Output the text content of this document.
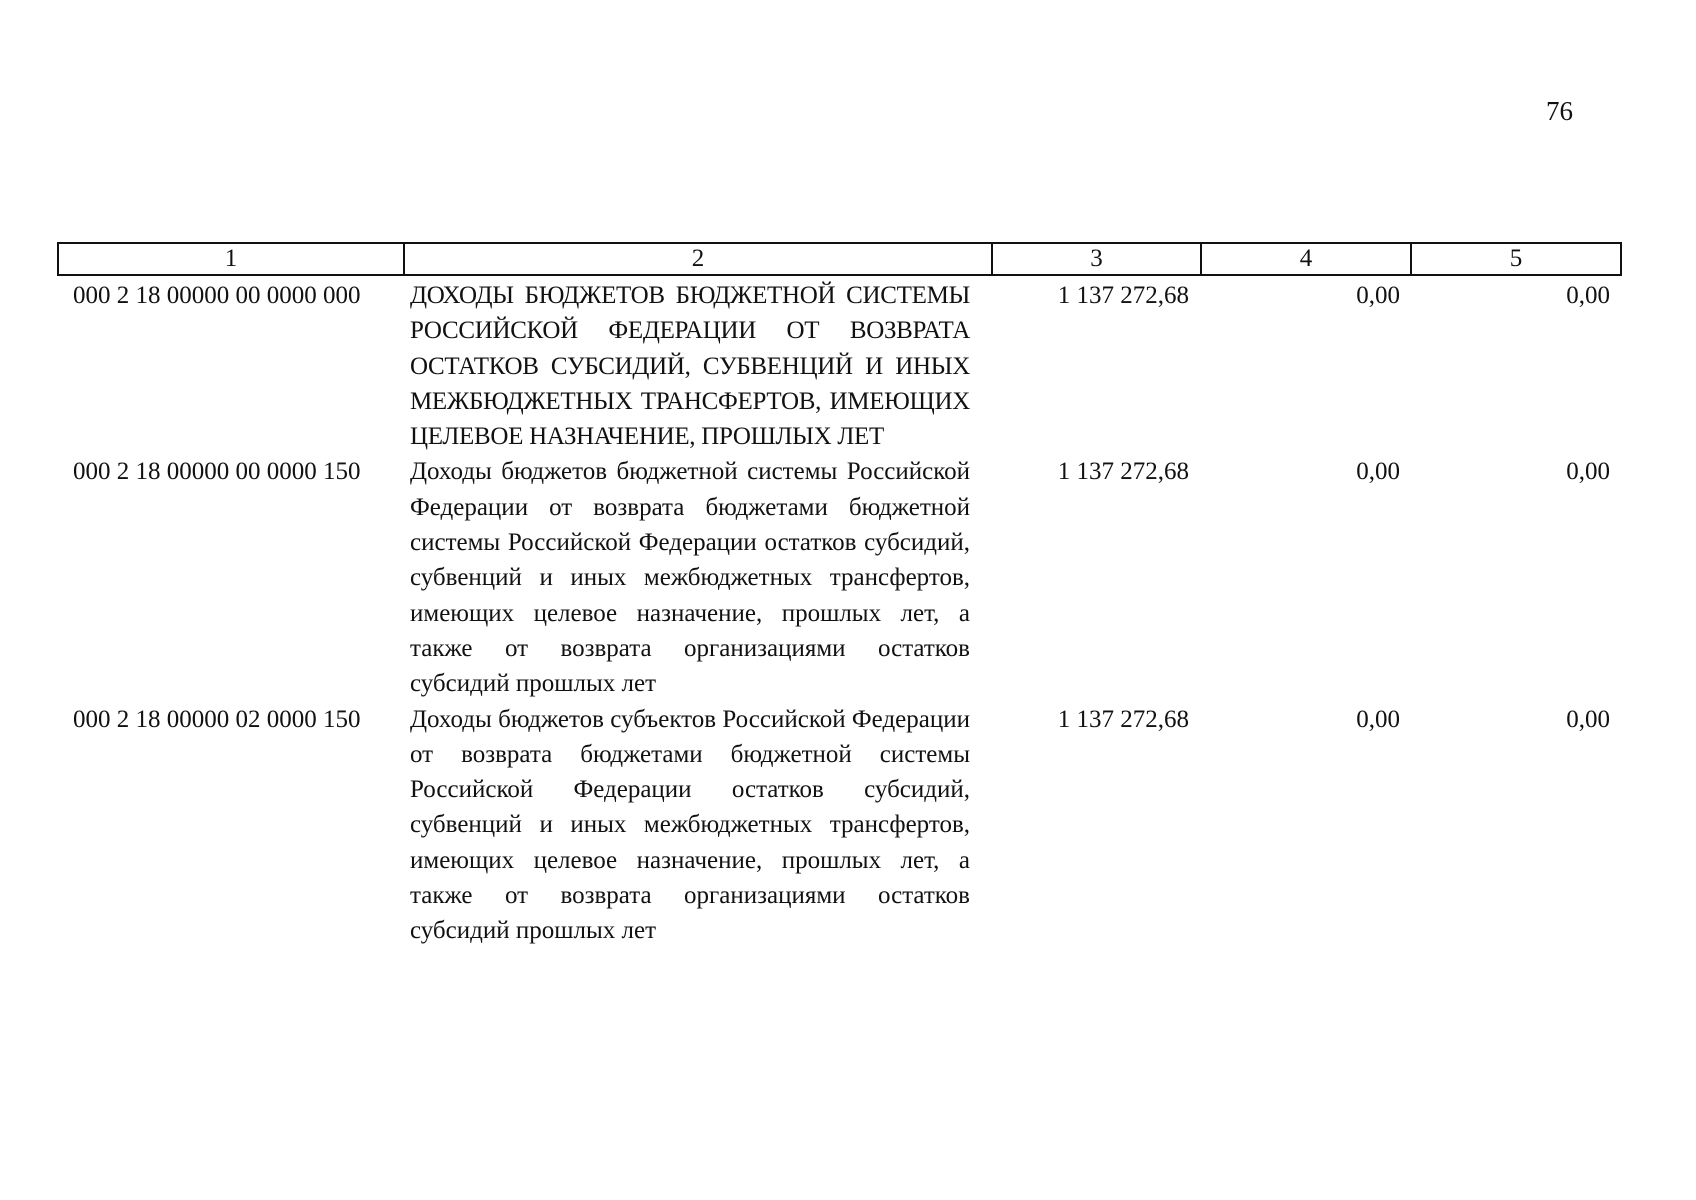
76
1	2	3	4	5
000 2 18 00000 00 0000 000	ДОХОДЫ БЮДЖЕТОВ БЮДЖЕТНОЙ СИСТЕМЫ РОССИЙСКОЙ ФЕДЕРАЦИИ ОТ ВОЗВРАТА ОСТАТКОВ СУБСИДИЙ, СУБВЕНЦИЙ И ИНЫХ МЕЖБЮДЖЕТНЫХ ТРАНСФЕРТОВ, ИМЕЮЩИХ ЦЕЛЕВОЕ НАЗНАЧЕНИЕ, ПРОШЛЫХ ЛЕТ	1 137 272,68	0,00	0,00
000 2 18 00000 00 0000 150	Доходы бюджетов бюджетной системы Российской Федерации от возврата бюджетами бюджетной системы Российской Федерации остатков субсидий, субвенций и иных межбюджетных трансфертов, имеющих целевое назначение, прошлых лет, а также от возврата организациями остатков субсидий прошлых лет	1 137 272,68	0,00	0,00
000 2 18 00000 02 0000 150	Доходы бюджетов субъектов Российской Федерации от возврата бюджетами бюджетной системы Российской Федерации остатков субсидий, субвенций и иных межбюджетных трансфертов, имеющих целевое назначение, прошлых лет, а также от возврата организациями остатков субсидий прошлых лет	1 137 272,68	0,00	0,00
